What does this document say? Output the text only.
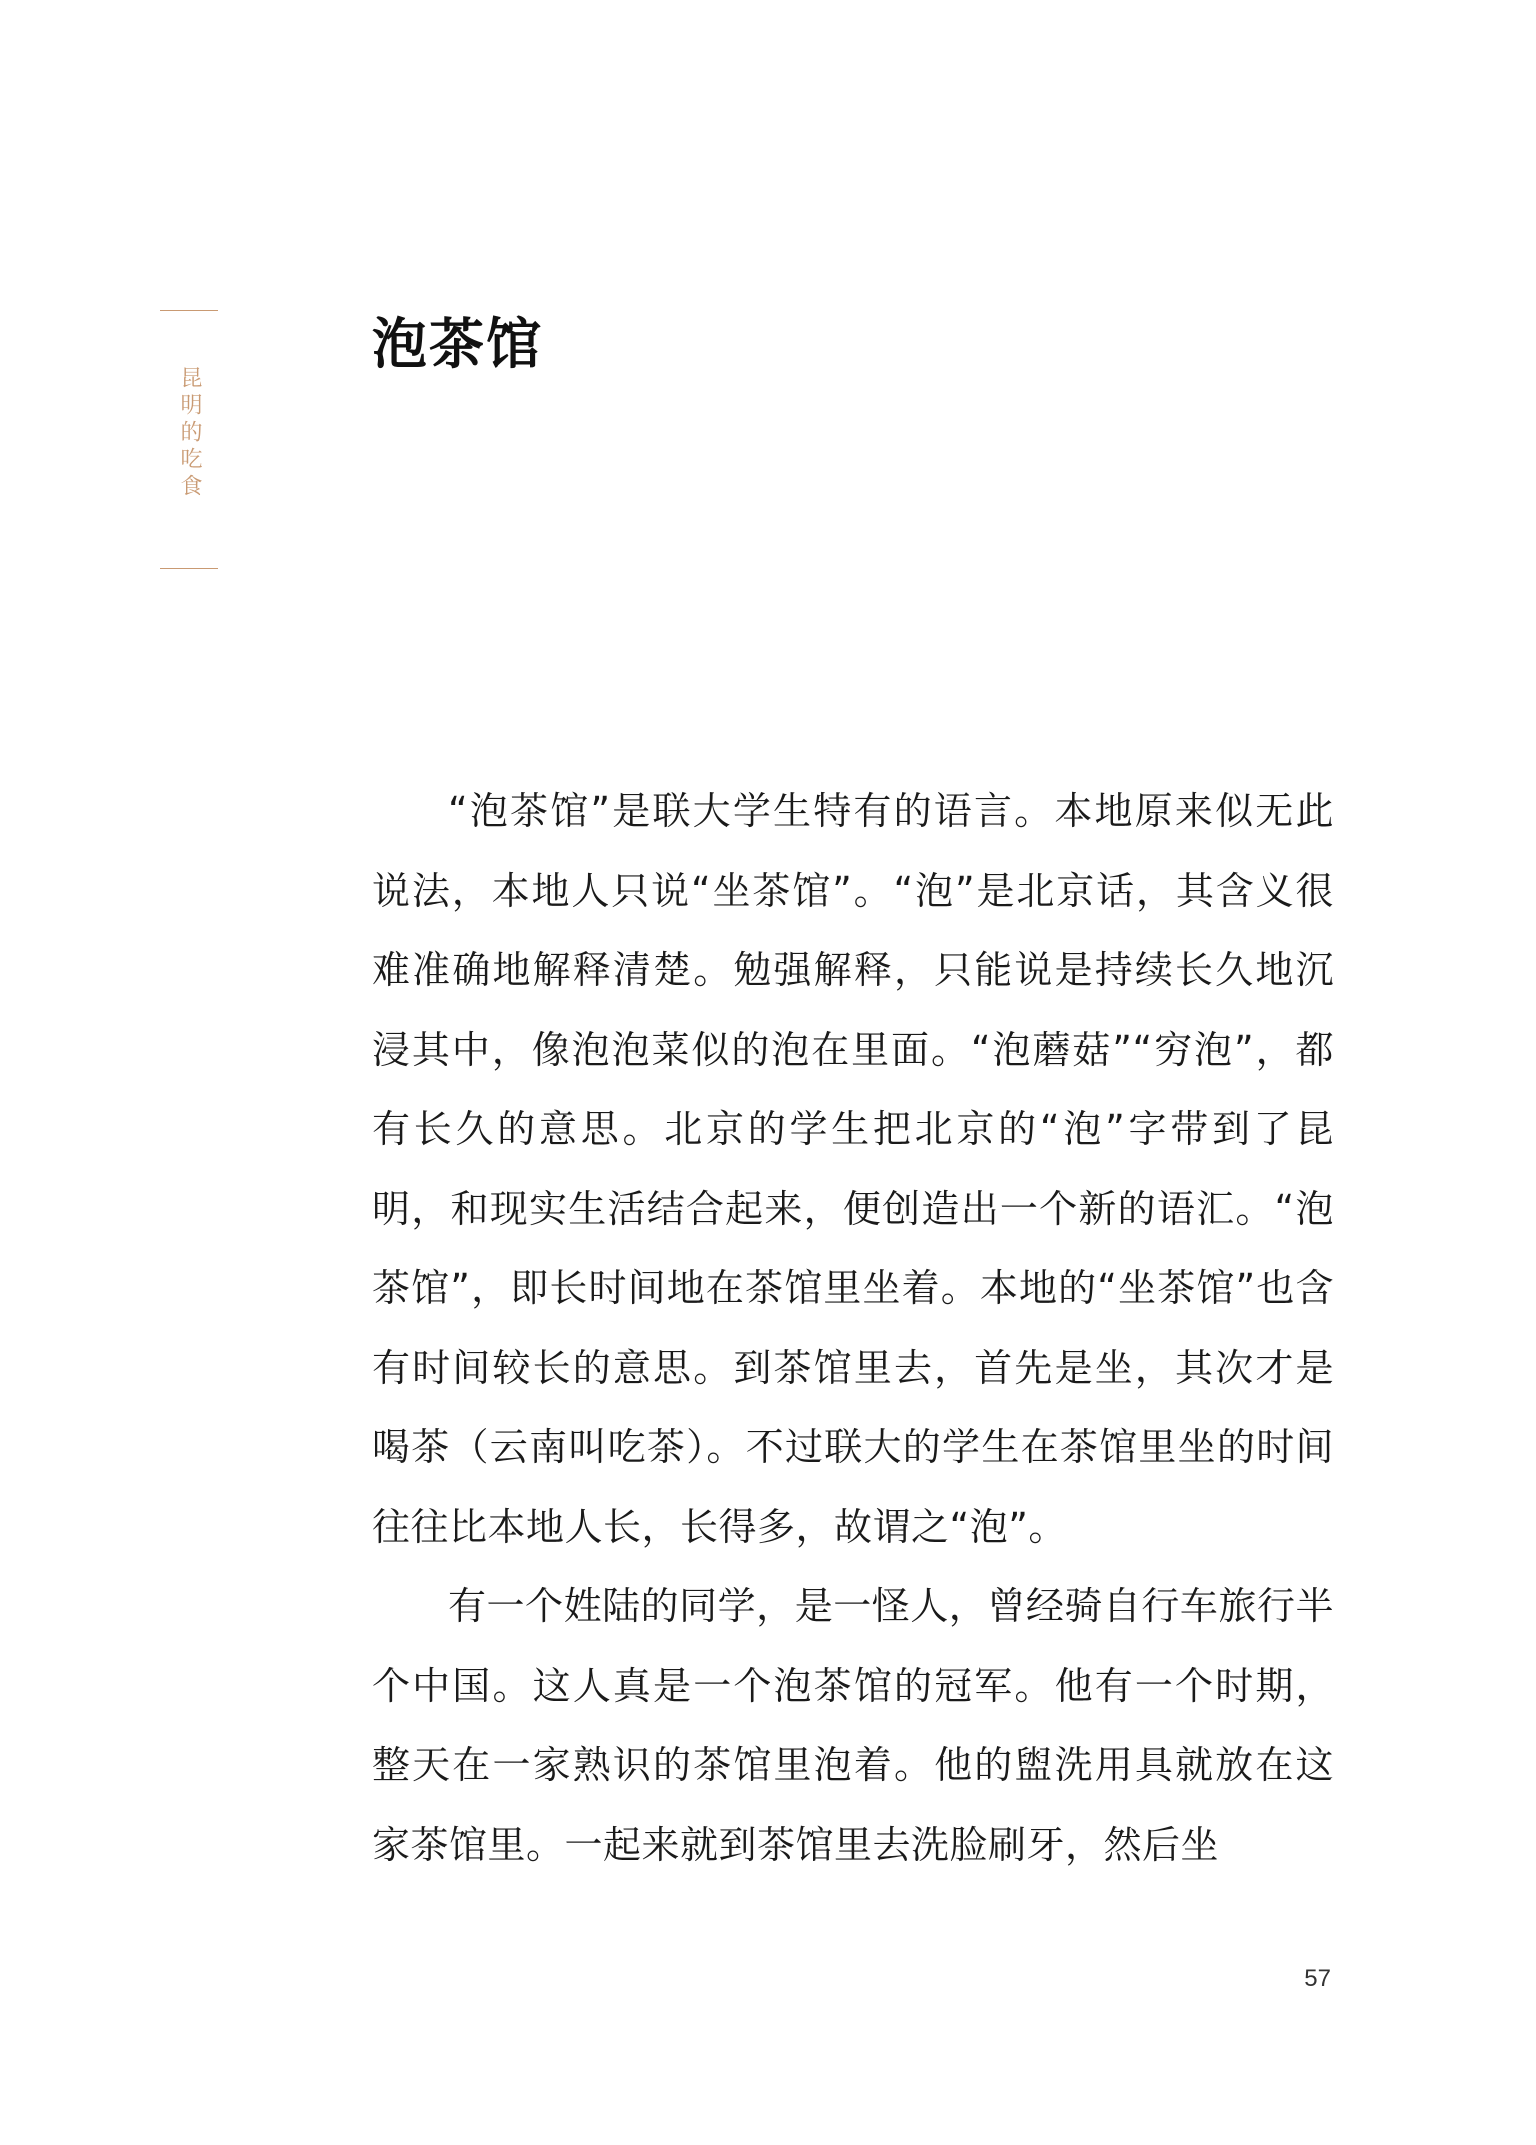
昆明的吃食
泡茶馆

“泡茶馆”是联大学生特有的语言。本地原来似无此说法，本地人只说“坐茶馆”。“泡”是北京话，其含义很难准确地解释清楚。勉强解释，只能说是持续长久地沉浸其中，像泡泡菜似的泡在里面。“泡蘑菇”“穷泡”，都有长久的意思。北京的学生把北京的“泡”字带到了昆明，和现实生活结合起来，便创造出一个新的语汇。“泡茶馆”，即长时间地在茶馆里坐着。本地的“坐茶馆”也含有时间较长的意思。到茶馆里去，首先是坐，其次才是喝茶（云南叫吃茶）。不过联大的学生在茶馆里坐的时间往往比本地人长，长得多，故谓之“泡”。

有一个姓陆的同学，是一怪人，曾经骑自行车旅行半个中国。这人真是一个泡茶馆的冠军。他有一个时期，整天在一家熟识的茶馆里泡着。他的盥洗用具就放在这家茶馆里。一起来就到茶馆里去洗脸刷牙，然后坐

57
